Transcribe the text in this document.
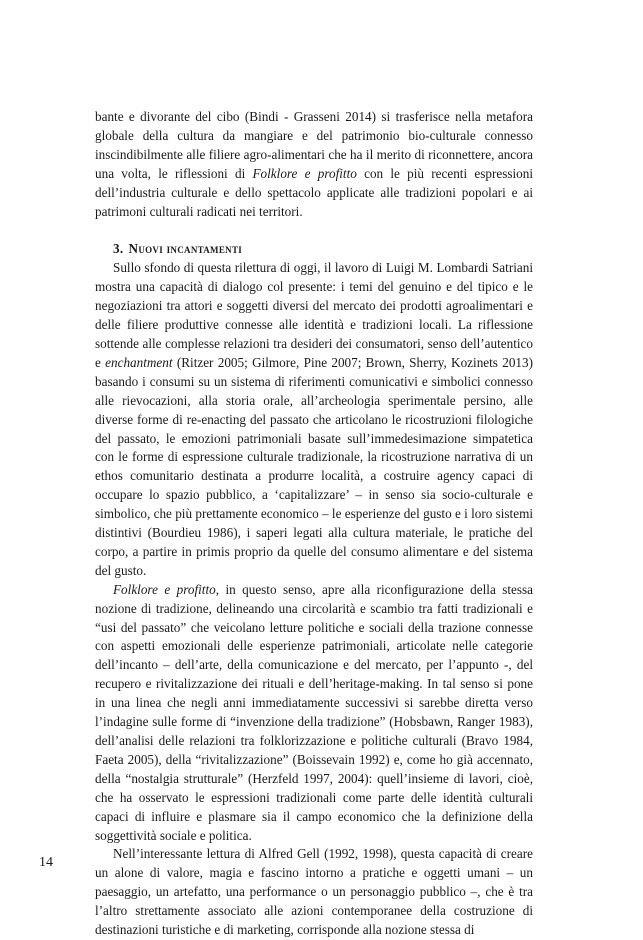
bante e divorante del cibo (Bindi - Grasseni 2014) si trasferisce nella metafora globale della cultura da mangiare e del patrimonio bio-culturale connesso inscindibilmente alle filiere agro-alimentari che ha il merito di riconnettere, ancora una volta, le riflessioni di Folklore e profitto con le più recenti espressioni dell’industria culturale e dello spettacolo applicate alle tradizioni popolari e ai patrimoni culturali radicati nei territori.

3. Nuovi incantamenti

Sullo sfondo di questa rilettura di oggi, il lavoro di Luigi M. Lombardi Satriani mostra una capacità di dialogo col presente: i temi del genuino e del tipico e le negoziazioni tra attori e soggetti diversi del mercato dei prodotti agroalimentari e delle filiere produttive connesse alle identità e tradizioni locali. La riflessione sottende alle complesse relazioni tra desideri dei consumatori, senso dell’autentico e enchantment (Ritzer 2005; Gilmore, Pine 2007; Brown, Sherry, Kozinets 2013) basando i consumi su un sistema di riferimenti comunicativi e simbolici connesso alle rievocazioni, alla storia orale, all’archeologia sperimentale persino, alle diverse forme di re-enacting del passato che articolano le ricostruzioni filologiche del passato, le emozioni patrimoniali basate sull’immedesimazione simpatetica con le forme di espressione culturale tradizionale, la ricostruzione narrativa di un ethos comunitario destinata a produrre località, a costruire agency capaci di occupare lo spazio pubblico, a ‘capitalizzare’ – in senso sia socio-culturale e simbolico, che più prettamente economico – le esperienze del gusto e i loro sistemi distintivi (Bourdieu 1986), i saperi legati alla cultura materiale, le pratiche del corpo, a partire in primis proprio da quelle del consumo alimentare e del sistema del gusto.

Folklore e profitto, in questo senso, apre alla riconfigurazione della stessa nozione di tradizione, delineando una circolarità e scambio tra fatti tradizionali e “usi del passato” che veicolano letture politiche e sociali della trazione connesse con aspetti emozionali delle esperienze patrimoniali, articolate nelle categorie dell’incanto – dell’arte, della comunicazione e del mercato, per l’appunto -, del recupero e rivitalizzazione dei rituali e dell’heritage-making. In tal senso si pone in una linea che negli anni immediatamente successivi si sarebbe diretta verso l’indagine sulle forme di “invenzione della tradizione” (Hobsbawn, Ranger 1983), dell’analisi delle relazioni tra folklorizzazione e politiche culturali (Bravo 1984, Faeta 2005), della “rivitalizzazione” (Boissevain 1992) e, come ho già accennato, della “nostalgia strutturale” (Herzfeld 1997, 2004): quell’insieme di lavori, cioè, che ha osservato le espressioni tradizionali come parte delle identità culturali capaci di influire e plasmare sia il campo economico che la definizione della soggettività sociale e politica.

Nell’interessante lettura di Alfred Gell (1992, 1998), questa capacità di creare un alone di valore, magia e fascino intorno a pratiche e oggetti umani – un paesaggio, un artefatto, una performance o un personaggio pubblico –, che è tra l’altro strettamente associato alle azioni contemporanee della costruzione di destinazioni turistiche e di marketing, corrisponde alla nozione stessa di

14
